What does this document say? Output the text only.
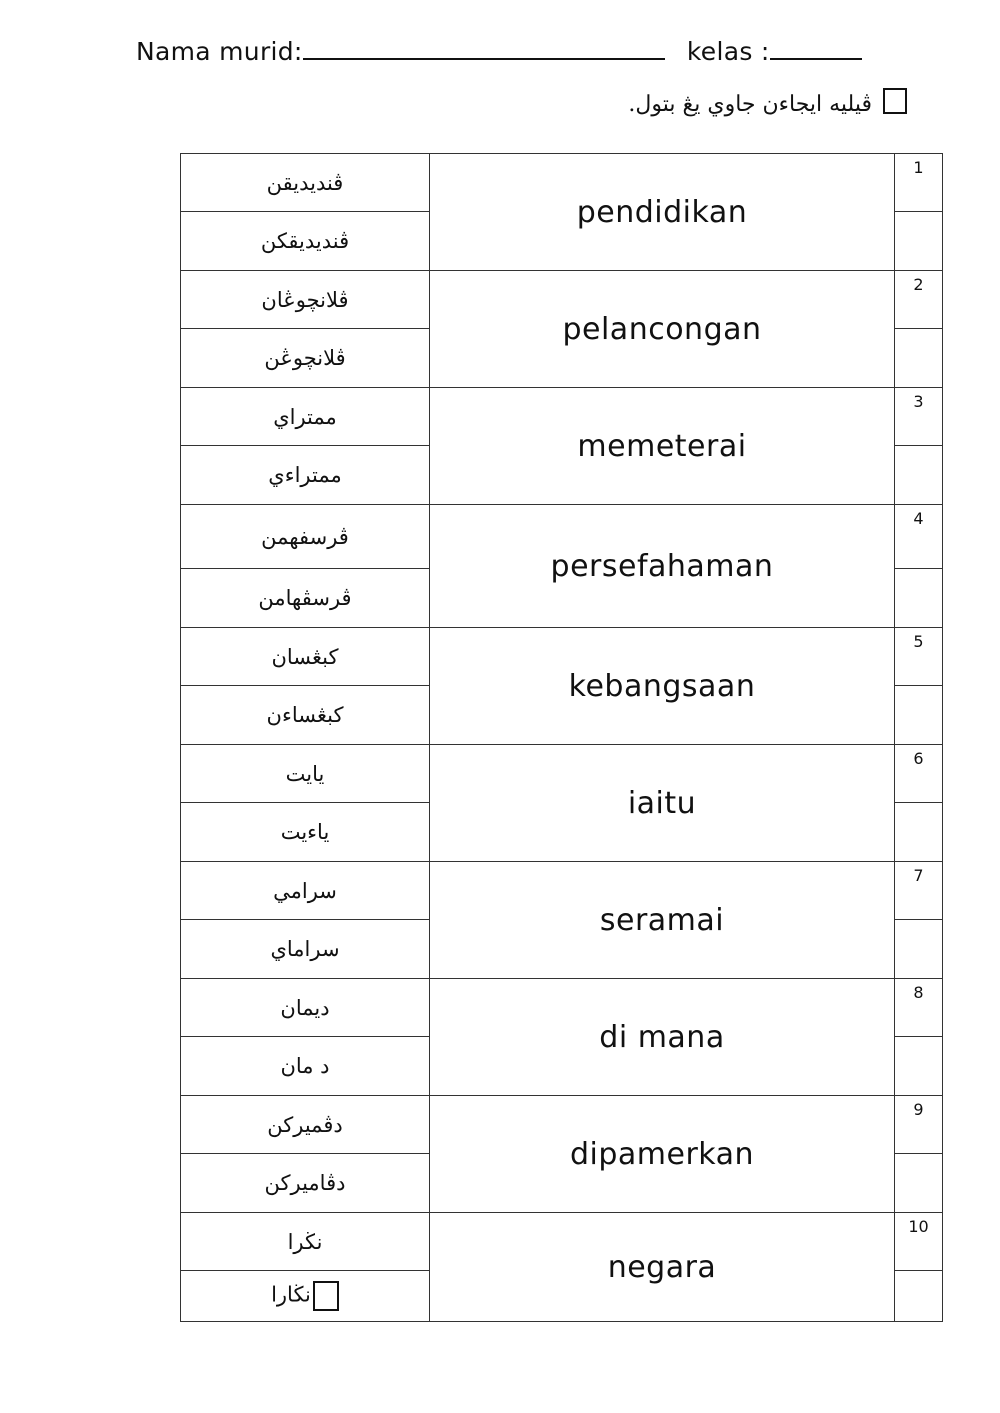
Nama murid:	kelas :
ڤيليه ايجاءن جاوي يڠ بتول.
ڤنديديقن	pendidikan	1
ڤنديديقكن		
ڤلانچوڠان	pelancongan	2
ڤلانچوڠن		
ممتراي	memeterai	3
ممتراءي		
ڤرسفهمن	persefahaman	4
ڤرسڤهامن		
كبڠسان	kebangsaan	5
كبڠساءن		
يايت	iaitu	6
ياءيت		
سرامي	seramai	7
سراماي		
ديمان	di mana	8
د مان		
دڤميركن	dipamerkan	9
دڤاميركن		
نڬرا	negara	10
نڬارا		
